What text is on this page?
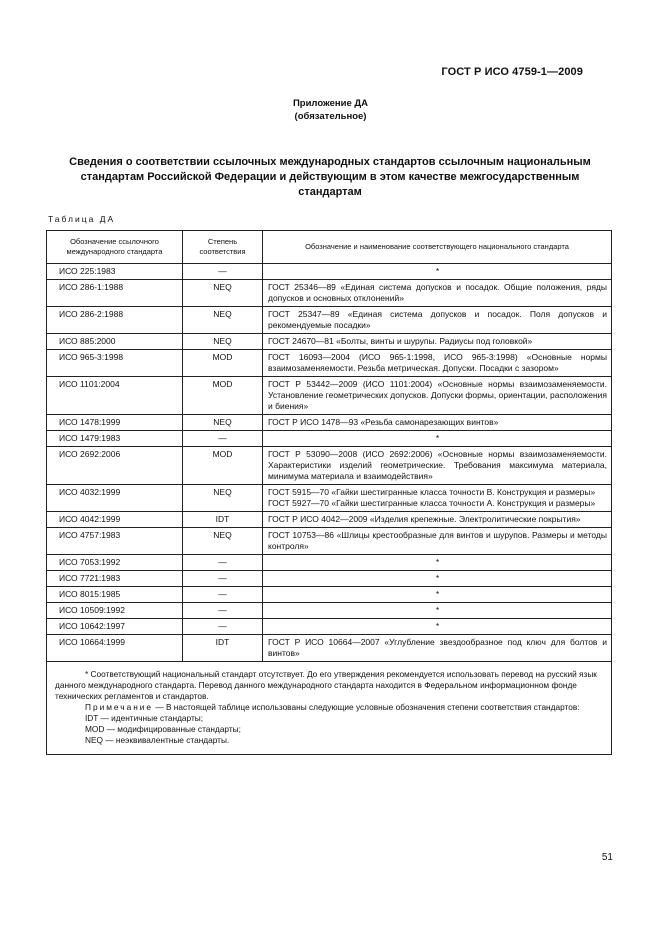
ГОСТ Р ИСО 4759-1—2009
Приложение ДА
(обязательное)
Сведения о соответствии ссылочных международных стандартов ссылочным национальным стандартам Российской Федерации и действующим в этом качестве межгосударственным стандартам
Таблица ДА
Обозначение ссылочного международного стандарта	Степень соответствия	Обозначение и наименование соответствующего национального стандарта
ИСО 225:1983	—	*

ИСО 286-1:1988	NEQ	ГОСТ 25346—89 «Единая система допусков и посадок. Общие положения, ряды допусков и основных отклонений»

ИСО 286-2:1988	NEQ	ГОСТ 25347—89 «Единая система допусков и посадок. Поля допусков и рекомендуемые посадки»

ИСО 885:2000	NEQ	ГОСТ 24670—81 «Болты, винты и шурупы. Радиусы под головкой»

ИСО 965-3:1998	MOD	ГОСТ 16093—2004 (ИСО 965-1:1998, ИСО 965-3:1998) «Основные нормы взаимозаменяемости. Резьба метрическая. Допуски. Посадки с зазором»

ИСО 1101:2004	MOD	ГОСТ Р 53442—2009 (ИСО 1101:2004) «Основные нормы взаимозаменяемости. Установление геометрических допусков. Допуски формы, ориентации, расположения и биения»

ИСО 1478:1999	NEQ	ГОСТ Р ИСО 1478—93 «Резьба самонарезающих винтов»

ИСО 1479:1983	—	*

ИСО 2692:2006	MOD	ГОСТ Р 53090—2008 (ИСО 2692:2006) «Основные нормы взаимозаменяемости. Характеристики изделий геометрические. Требования максимума материала, минимума материала и взаимодействия»

ИСО 4032:1999	NEQ	ГОСТ 5915—70 «Гайки шестигранные класса точности В. Конструкция и размеры»
ГОСТ 5927—70 «Гайки шестигранные класса точности А. Конструкция и размеры»

ИСО 4042:1999	IDT	ГОСТ Р ИСО 4042—2009 «Изделия крепежные. Электролитические покрытия»

ИСО 4757:1983	NEQ	ГОСТ 10753—86 «Шлицы крестообразные для винтов и шурупов. Размеры и методы контроля»

ИСО 7053:1992	—	*

ИСО 7721:1983	—	*

ИСО 8015:1985	—	*

ИСО 10509:1992	—	*

ИСО 10642:1997	—	*

ИСО 10664:1999	IDT	ГОСТ Р ИСО 10664—2007 «Углубление звездообразное под ключ для болтов и винтов»

* Соответствующий национальный стандарт отсутствует. До его утверждения рекомендуется использовать перевод на русский язык данного международного стандарта. Перевод данного международного стандарта находится в Федеральном информационном фонде технических регламентов и стандартов.

Примечание — В настоящей таблице использованы следующие условные обозначения степени соответствия стандартов:

IDT — идентичные стандарты;

MOD — модифицированные стандарты;

NEQ — неэквивалентные стандарты.		

51
